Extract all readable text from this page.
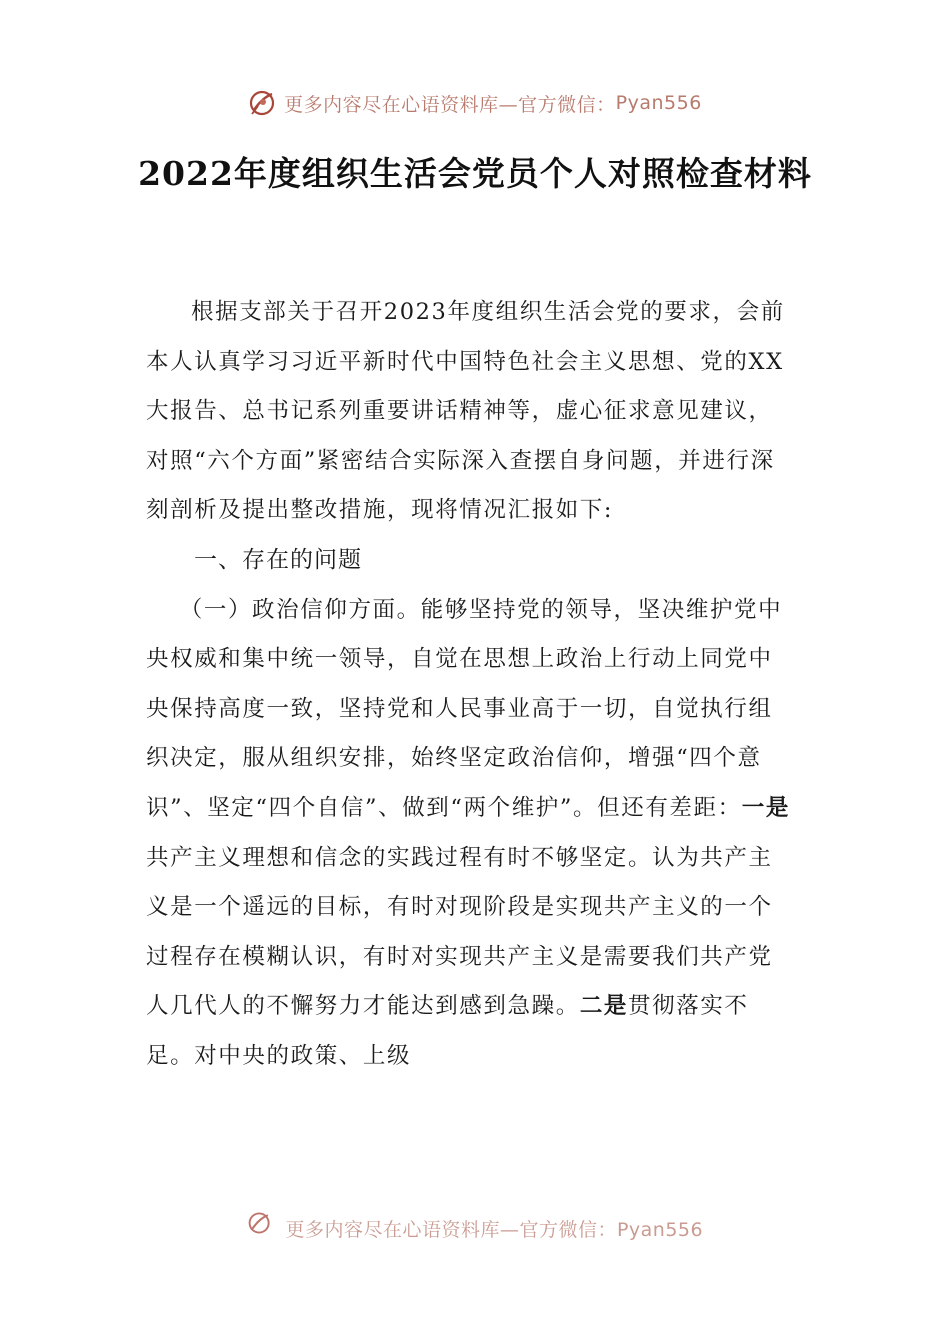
更多内容尽在心语资料库—官方微信： Pyan556
2022年度组织生活会党员个人对照检查材料

根据支部关于召开2023年度组织生活会党的要求，会前本人认真学习习近平新时代中国特色社会主义思想、党的XX大报告、总书记系列重要讲话精神等，虚心征求意见建议，对照“六个方面”紧密结合实际深入查摆自身问题，并进行深刻剖析及提出整改措施，现将情况汇报如下:

一、存在的问题

（一）政治信仰方面。能够坚持党的领导，坚决维护党中央权威和集中统一领导，自觉在思想上政治上行动上同党中央保持高度一致，坚持党和人民事业高于一切，自觉执行组织决定，服从组织安排，始终坚定政治信仰，增强“四个意识”、坚定“四个自信”、做到“两个维护”。但还有差距：一是共产主义理想和信念的实践过程有时不够坚定。认为共产主义是一个遥远的目标，有时对现阶段是实现共产主义的一个过程存在模糊认识，有时对实现共产主义是需要我们共产党人几代人的不懈努力才能达到感到急躁。二是贯彻落实不足。对中央的政策、上级

更多内容尽在心语资料库—官方微信：Pyan556
